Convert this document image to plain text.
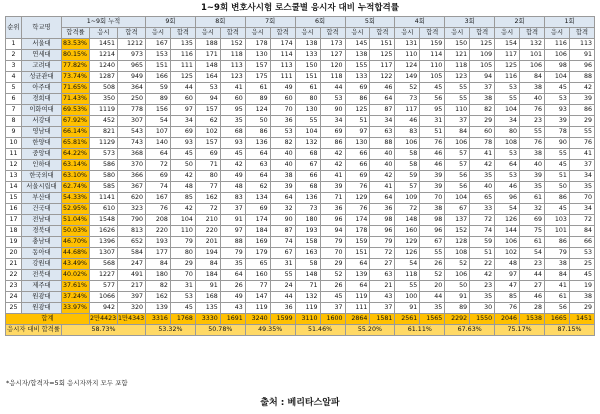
1~9회 변호사시험 로스쿨별 응시자 대비 누적합격률
순위	학교명	1~9회 누적			9회		8회		7회		6회		5회		4회		3회		2회		1회	
		합격률	응시	합격	응시	합격	응시	합격	응시	합격	응시	합격	응시	합격	응시	합격	응시	합격	응시	합격	응시	합격
1	서울대	83.53%	1451	1212	167	135	188	152	178	174	138	173	145	151	131	159	150	125	154	132	116	113
2	연세대	80.15%	1214	973	153	116	171	118	130	114	133	127	138	125	110	114	121	109	117	101	106	91
3	고려대	77.82%	1240	965	151	111	148	113	157	113	150	120	155	117	124	110	118	105	125	106	98	96
4	성균관대	73.74%	1287	949	166	125	164	123	175	111	151	118	133	122	149	105	123	94	116	84	104	88
5	아주대	71.65%	508	364	59	44	53	41	61	49	61	44	69	46	52	45	55	37	53	38	45	42
6	경희대	71.43%	350	250	89	60	94	60	89	60	80	53	86	64	73	56	55	38	55	40	53	39
7	이화여대	69.53%	1119	778	156	97	157	95	124	70	130	90	125	87	117	95	110	82	104	76	93	86
8	서강대	67.92%	452	307	54	34	62	35	50	36	55	34	51	34	46	31	37	29	34	23	39	29
9	영남대	66.14%	821	543	107	69	102	68	86	53	104	69	97	63	83	51	84	60	80	55	78	55
10	한양대	65.81%	1129	743	140	93	157	93	136	82	132	86	130	88	106	76	106	78	108	76	90	76
11	중앙대	64.22%	573	368	64	45	69	45	64	40	68	42	66	40	58	46	57	41	53	38	55	41
12	인하대	63.14%	586	370	72	50	71	42	63	40	67	42	66	40	58	46	57	42	64	40	45	37
13	한국외대	63.10%	580	366	69	42	80	49	64	38	66	41	69	42	59	39	56	35	53	39	51	34
14	서울시립대	62.74%	585	367	74	48	77	48	62	39	68	39	76	41	57	39	56	40	46	35	50	35
15	부산대	54.33%	1141	620	167	85	162	83	134	64	136	71	129	64	109	70	104	65	96	61	86	70
16	건국대	52.95%	610	323	76	42	72	37	69	32	73	36	76	36	72	38	67	33	54	32	45	34
17	전남대	51.04%	1548	790	208	104	210	91	174	90	180	96	174	98	148	98	137	72	126	69	103	72
18	경북대	50.03%	1626	813	220	110	220	97	184	87	193	94	178	96	160	96	152	74	144	75	101	84
19	충남대	46.70%	1396	652	193	79	201	88	169	74	158	79	159	79	129	67	128	59	106	61	86	66
20	동아대	44.68%	1307	584	177	80	194	79	179	67	163	70	151	72	126	55	108	51	102	54	79	53
21	강원대	43.49%	568	247	84	29	84	35	65	31	58	29	64	27	54	26	52	22	48	23	38	25
22	전북대	40.02%	1227	491	180	70	184	64	160	55	148	52	139	63	118	52	106	42	97	44	84	45
23	제주대	37.61%	577	217	82	31	91	26	77	24	71	26	64	21	55	20	50	23	47	27	41	19
24	원광대	37.24%	1066	397	162	53	168	49	147	44	132	45	119	43	100	44	91	35	85	46	61	38
25	원광대	33.97%	942	320	139	45	135	43	119	36	119	37	111	37	91	35	89	30	76	28	56	29
합계			2만4423	1만4343	3316	1768	3330	1691	3240	1599	3110	1600	2864	1581	2561	1565	2292	1550	2046	1538	1665	1451
응시자 대비 합격률		58.73%			53.32%		50.78%		49.35%		51.46%		55.20%		61.11%		67.63%		75.17%		87.15%	
*응시자/합격자=5회 응시자까지 모두 포함
출처 : 베리타스알파
